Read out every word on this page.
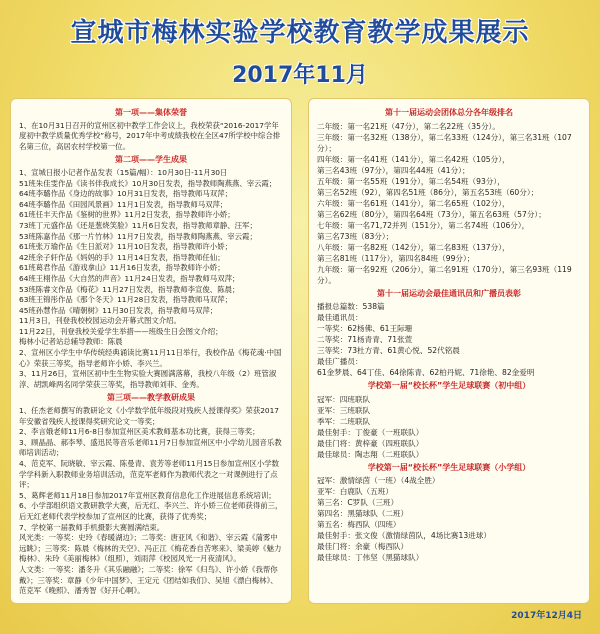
宣城市梅林实验学校教育教学成果展示
2017年11月
第一项——集体荣誉
1、在10月31日召开的宣州区初中教学工作会议上，我校荣获“2016-2017学年度初中教学质量优秀学校”称号，2017年中考成绩我校在全区47所学校中综合排名第三位，高居农村学校第一位。
第二项——学生成果
1、宣城日报小记者作品发表（15篇/幅）：10月30日-11月30日
51班朱佳雯作品《读书伴我成长》10月30日发表，指导教师陶燕燕、宰云霞；
64班李璐作品《身边的故事》10月31日发表，指导教师马双萍；
64班李璐作品《田园风景画》11月1日发表，指导教师马双萍；
61班任丰天作品《鉴树的世界》11月2日发表，指导教师许小娇；
73班丁元盛作品《还是葱烧笑脸》11月6日发表，指导教师章静、汪军；
53班陈嘉作品《那一片竹林》11月7日发表，指导教师陶燕燕、宰云霞；
61班张万瑜作品《生日派对》11月10日发表，指导教师许小娇；
42班余子轩作品《妈妈的手》11月14日发表，指导教师任仙；
61班葛君作品《游戏拿山》11月16日发表，指导教师许小娇；
64班王栩作品《大自然的声音》11月24日发表，指导教师马双萍；
53班陈睿文作品《梅花》11月27日发表，指导教师李宣俊、陈晨；
63班王锦彤作品《那个冬天》11月28日发表，指导教师马双萍；
45班孙慧作品《晴朝树》11月30日发表，指导教师马双萍；
11月3日，刊登我校校园运动会开幕式图文介绍。
11月22日，刊登我校关爱学生举措——班级生日会图文介绍；
梅林小记者站总辅导教师：陈晨
2、宣州区小学生中华传统经典诵读比赛11月11日举行，我校作品《梅花魂·中国心》荣获三等奖，指导老师许小娇、李兴兰。
3、11月26日，宣州区初中生生物实验大赛圆满落幕，我校八年级（2）班管淑淳、胡凯峰两名同学荣获三等奖，指导教师刘菲、金秀。
第三项——教学教研成果
1、任杰老师撰写的教研论文《小学数学低年级段对残疾人授课得奖》荣获2017年安徽省残疾人授课得奖研究论文一等奖；
2、李言娥老师11月6-8日参加宣州区美术教师基本功比赛，获得三等奖；
3、顾晶晶、郝李琴、盛迅民等音乐老师11月7日参加宣州区中小学幼儿园音乐教师培训活动；
4、范克军、阮晓敏、宰云霞、陈曼青、袁芳等老师11月15日参加宣州区小学数学学科新入职教师业务培训活动，范克军老师作为教师代表之一对课例进行了点评；
5、葛辉老师11月18日参加2017年宣州区教育信息化工作进展信息系统培训；
6、小学部组织语文教研教学大赛，后无红、李兴兰、许小娇三位老师获得前三，后无红老师代表学校参加了宣州区的比赛，获得了优秀奖；
7、学校第一届教师手机摄影大赛圆满结束。
风光类：一等奖：史玲《春暖湖边》；二等奖：唐亚风《和谐》、宰云霞《蒲雾中远眺》；三等奖：陈晨《梅林的天空》、冯正江《梅花香自苦寒来》、梁美婷《魅力梅林》、朱玲《美丽梅林》（组照），刘雨萍《校园风光一月夜清风》。
人文类：一等奖：潘冬升《其乐融融》；二等奖：徐军《归鸟》、许小娇《我帮你戴》；三等奖：章静《少年中国梦》、王定元《团结如我们》、吴旭《漂白梅林》、范克军《晚照》、潘秀智《好开心啊》。
第十一届运动会团体总分各年级排名
二年级：第一名21班（47分），第二名22班（35分）。
三年级：第一名32班（138分），第二名33班（124分），第三名31班（107分）；
四年级：第一名41班（141分），第二名42班（105分），
第三名43班（97分），第四名44班（41分）；
五年级：第一名55班（191分），第二名54班（93分），
第三名52班（92），第四名51班（86分），第五名53班（60分）；
六年级：第一名61班（141分），第二名65班（102分），
第三名62班（80分），第四名64班（73分），第五名63班（57分）；
七年级：第一名71,72并列（151分），第二名74班（106分），
第三名73班（83分）；
八年级：第一名82班（142分），第二名83班（137分），
第三名81班（117分），第四名84班（99分）；
九年级：第一名92班（206分），第二名91班（170分），第三名93班（119分）。
第十一届运动会最佳通讯员和广播员表彰
播报总篇数：538篇
最佳通讯员：
一等奖：62杨佛、61王际珊
二等奖：71杨青青、71张萱
三等奖：73杜方青、61黄心悦、52代铭晨
最佳广播员：
61金梦晨、64丁佳、64徐陈青、62柏丹妮、71徐艳、82金爱明
学校第一届“校长杯”学生足球联赛（初中组）
冠军：四班联队
亚军：三班联队
季军：二班联队
最佳射手：丁俊豪（一班联队）
最佳门将：黄梓豪（四班联队）
最佳球员：陶志翔（二班联队）
学校第一届“校长杯”学生足球联赛（小学组）
冠军：激情绿茵（一班）（4战全胜）
亚军：白鹿队（五班）
第三名：C罗队（三班）
第四名：黑猫球队（二班）
第五名：梅西队（四班）
最佳射手：张文俊（激情绿茵队，4场比赛13进球）
最佳门将：余豪（梅西队）
最佳球员：丁伟坚（黑猫球队）
2017年12月4日
